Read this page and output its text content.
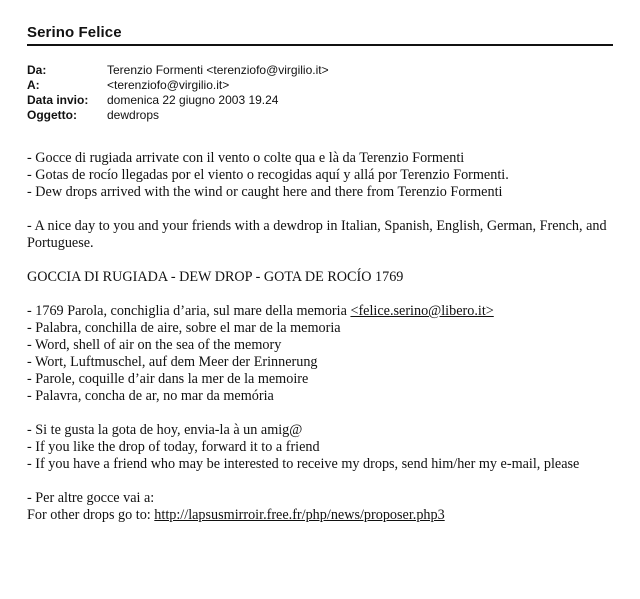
Serino Felice
Da:	Terenzio Formenti <terenziofo@virgilio.it>
A:	<terenziofo@virgilio.it>
Data invio:	domenica 22 giugno 2003 19.24
Oggetto:	dewdrops
- Gocce di rugiada arrivate con il vento o colte qua e là da Terenzio Formenti
- Gotas de rocío llegadas por el viento o recogidas aquí y allá por Terenzio Formenti.
- Dew drops arrived with the wind or caught here and there from Terenzio Formenti
- A nice day to you and your friends with a dewdrop in Italian, Spanish, English, German, French, and Portuguese.
GOCCIA DI RUGIADA - DEW DROP - GOTA DE ROCÍO 1769
- 1769 Parola, conchiglia d’aria, sul mare della memoria <felice.serino@libero.it>
- Palabra, conchilla de aire, sobre el mar de la memoria
- Word, shell of air on the sea of the memory
- Wort, Luftmuschel, auf dem Meer der Erinnerung
- Parole, coquille d’air dans la mer de la memoire
- Palavra, concha de ar, no mar da memória
- Si te gusta la gota de hoy, envia-la à un amig@
- If you like the drop of today, forward it to a friend
- If you have a friend who may be interested to receive my drops, send him/her my e-mail, please
- Per altre gocce vai a:
For other drops go to: http://lapsusmirroir.free.fr/php/news/proposer.php3
